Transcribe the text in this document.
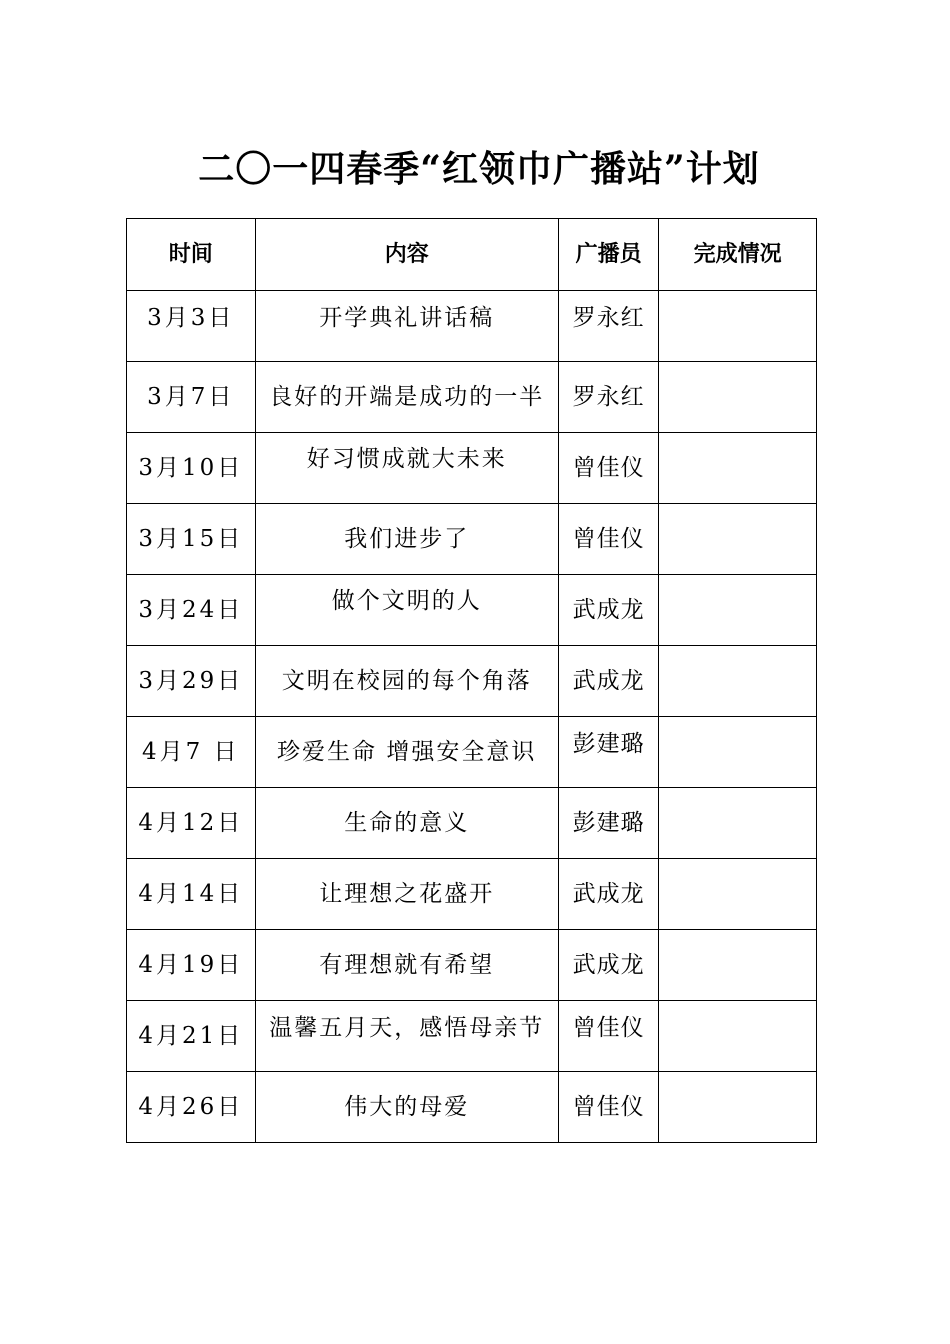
二〇一四春季“红领巾广播站”计划
时间	内容	广播员	完成情况
3月3日	开学典礼讲话稿	罗永红	
3月7日	良好的开端是成功的一半	罗永红	
3月10日	好习惯成就大未来	曾佳仪	
3月15日	我们进步了	曾佳仪	
3月24日	做个文明的人	武成龙	
3月29日	文明在校园的每个角落	武成龙	
4月7 日	珍爱生命 增强安全意识	彭建璐	
4月12日	生命的意义	彭建璐	
4月14日	让理想之花盛开	武成龙	
4月19日	有理想就有希望	武成龙	
4月21日	温馨五月天，感悟母亲节	曾佳仪	
4月26日	伟大的母爱	曾佳仪	
